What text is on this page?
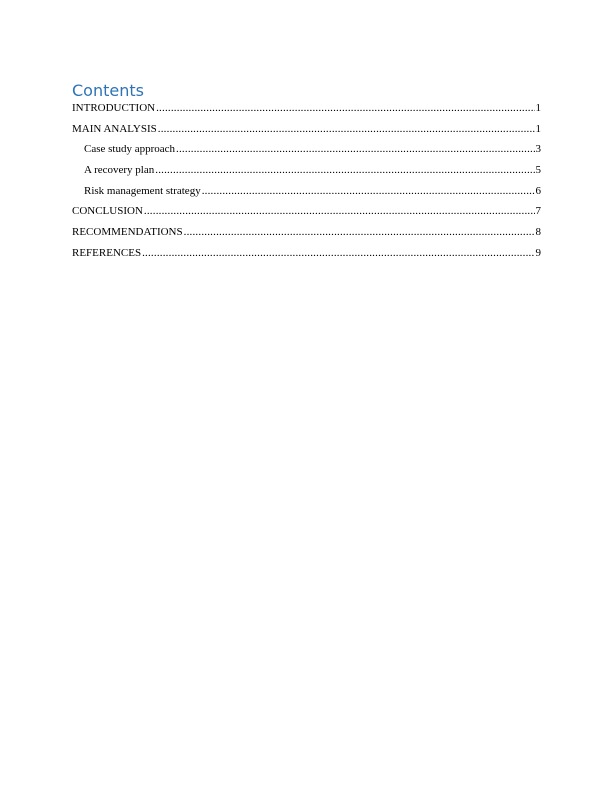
Contents
INTRODUCTION .....	1
MAIN ANALYSIS .....	1
Case study approach .....	3
A recovery plan .....	5
Risk management strategy .....	6
CONCLUSION .....	7
RECOMMENDATIONS .....	8
REFERENCES .....	9
